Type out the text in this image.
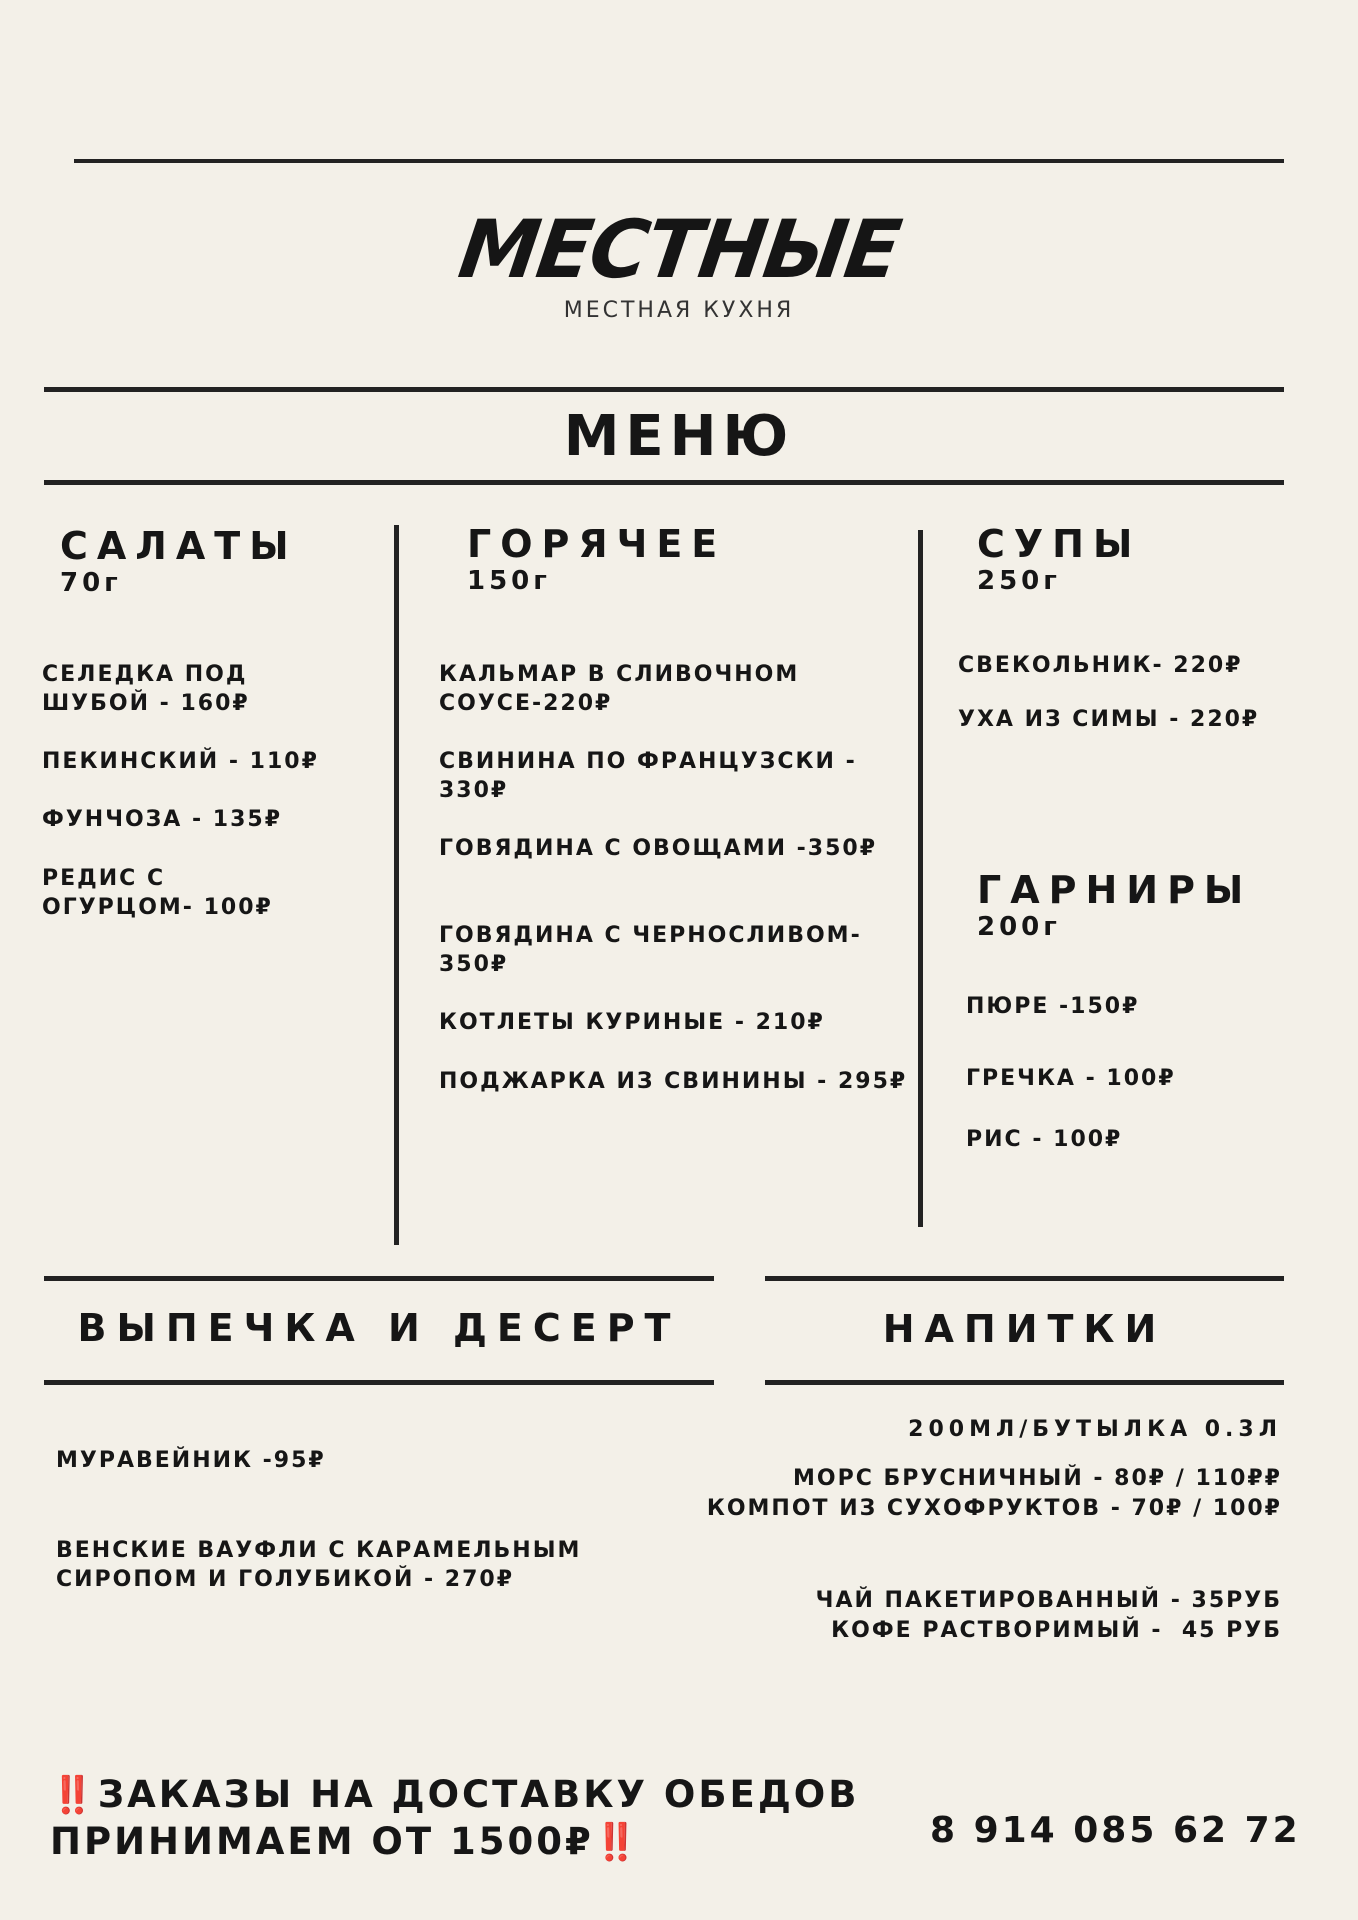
МЕСТНЫЕ
МЕСТНАЯ КУХНЯ
МЕНЮ
САЛАТЫ
70г
СЕЛЕДКА ПОД
ШУБОЙ - 160₽
ПЕКИНСКИЙ - 110₽
ФУНЧОЗА - 135₽
РЕДИС С
ОГУРЦОМ- 100₽
ГОРЯЧЕЕ
150г
КАЛЬМАР В СЛИВОЧНОМ
СОУСЕ-220₽
СВИНИНА ПО ФРАНЦУЗСКИ -
330₽
ГОВЯДИНА С ОВОЩАМИ -350₽
ГОВЯДИНА С ЧЕРНОСЛИВОМ-
350₽
КОТЛЕТЫ КУРИНЫЕ - 210₽
ПОДЖАРКА ИЗ СВИНИНЫ - 295₽
СУПЫ
250г
СВЕКОЛЬНИК- 220₽
УХА ИЗ СИМЫ - 220₽
ГАРНИРЫ
200г
ПЮРЕ -150₽
ГРЕЧКА - 100₽
РИС - 100₽
ВЫПЕЧКА И ДЕСЕРТ
МУРАВЕЙНИК -95₽
ВЕНСКИЕ ВАУФЛИ С КАРАМЕЛЬНЫМ
СИРОПОМ И ГОЛУБИКОЙ - 270₽
НАПИТКИ
200МЛ/БУТЫЛКА 0.3Л
МОРС БРУСНИЧНЫЙ - 80₽ / 110₽₽
КОМПОТ ИЗ СУХОФРУКТОВ - 70₽ / 100₽
ЧАЙ ПАКЕТИРОВАННЫЙ - 35РУБ
КОФЕ РАСТВОРИМЫЙ -  45 РУБ
‼️ЗАКАЗЫ НА ДОСТАВКУ ОБЕДОВ
ПРИНИМАЕМ ОТ 1500₽‼️	8 914 085 62 72
